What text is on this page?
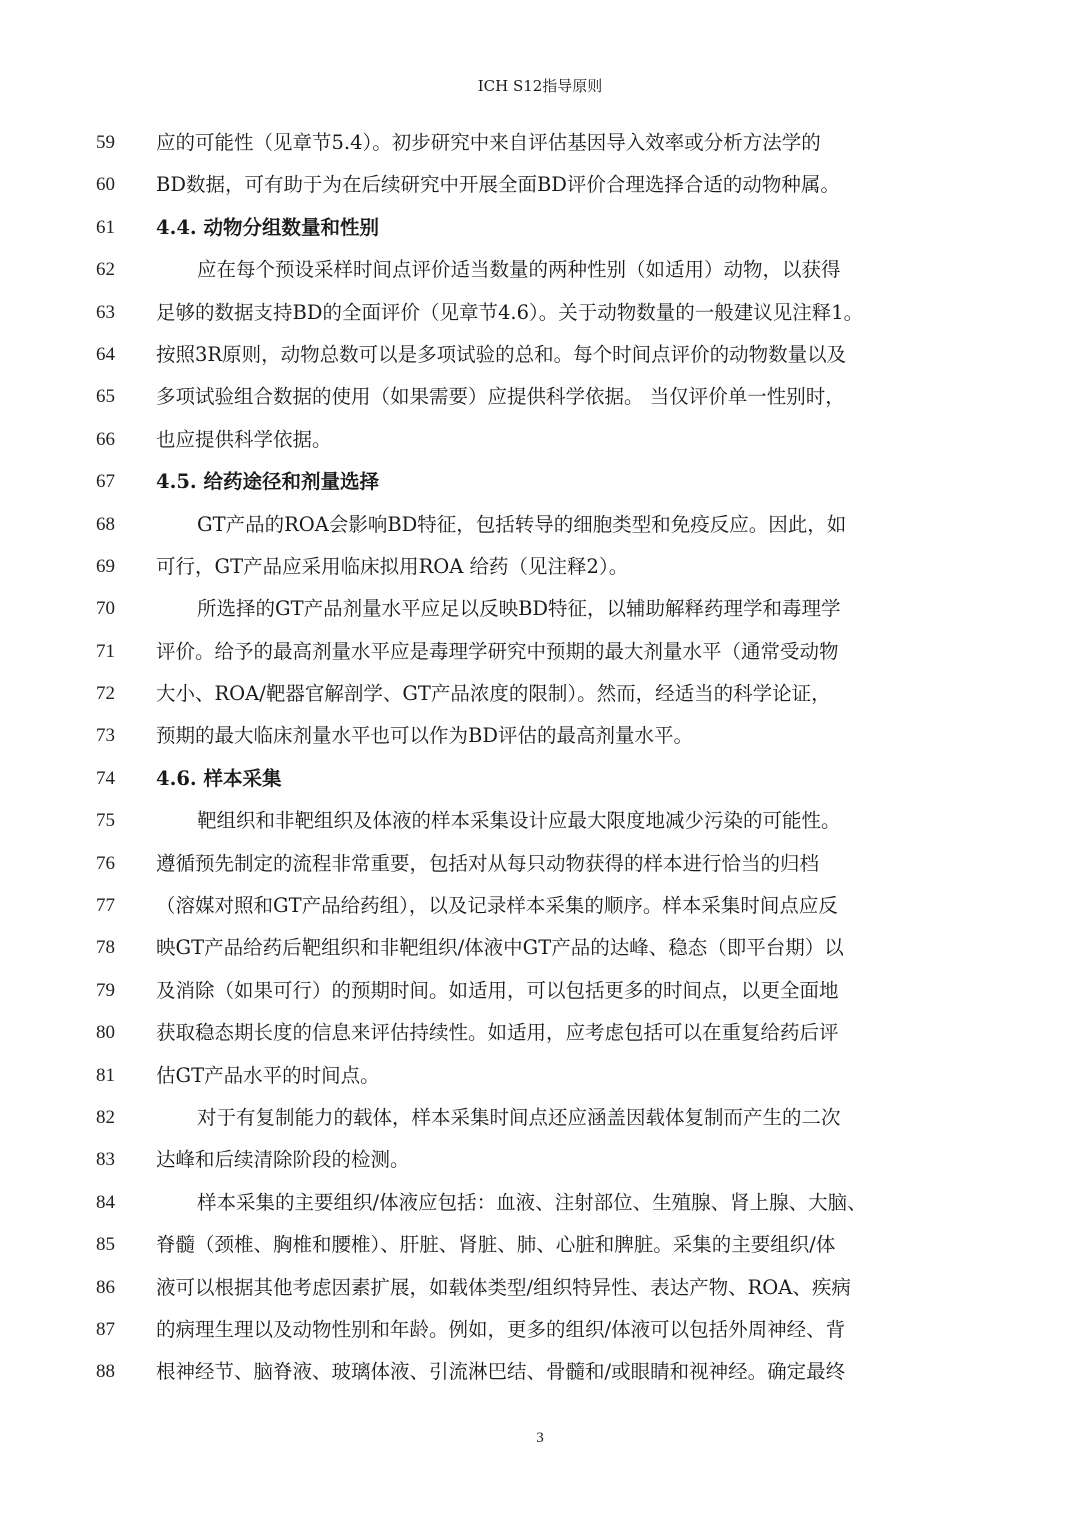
ICH S12指导原则
59	应的可能性（见章节5.4）。初步研究中来自评估基因导入效率或分析方法学的
60	BD数据，可有助于为在后续研究中开展全面BD评价合理选择合适的动物种属。
61	4.4. 动物分组数量和性别
62	应在每个预设采样时间点评价适当数量的两种性别（如适用）动物，以获得
63	足够的数据支持BD的全面评价（见章节4.6）。关于动物数量的一般建议见注释1。
64	按照3R原则，动物总数可以是多项试验的总和。每个时间点评价的动物数量以及
65	多项试验组合数据的使用（如果需要）应提供科学依据。 当仅评价单一性别时，
66	也应提供科学依据。
67	4.5. 给药途径和剂量选择
68	GT产品的ROA会影响BD特征，包括转导的细胞类型和免疫反应。因此，如
69	可行，GT产品应采用临床拟用ROA 给药（见注释2）。
70	所选择的GT产品剂量水平应足以反映BD特征，以辅助解释药理学和毒理学
71	评价。给予的最高剂量水平应是毒理学研究中预期的最大剂量水平（通常受动物
72	大小、ROA/靶器官解剖学、GT产品浓度的限制）。然而，经适当的科学论证，
73	预期的最大临床剂量水平也可以作为BD评估的最高剂量水平。
74	4.6. 样本采集
75	靶组织和非靶组织及体液的样本采集设计应最大限度地减少污染的可能性。
76	遵循预先制定的流程非常重要，包括对从每只动物获得的样本进行恰当的归档
77	（溶媒对照和GT产品给药组），以及记录样本采集的顺序。样本采集时间点应反
78	映GT产品给药后靶组织和非靶组织/体液中GT产品的达峰、稳态（即平台期）以
79	及消除（如果可行）的预期时间。如适用，可以包括更多的时间点，以更全面地
80	获取稳态期长度的信息来评估持续性。如适用，应考虑包括可以在重复给药后评
81	估GT产品水平的时间点。
82	对于有复制能力的载体，样本采集时间点还应涵盖因载体复制而产生的二次
83	达峰和后续清除阶段的检测。
84	样本采集的主要组织/体液应包括：血液、注射部位、生殖腺、肾上腺、大脑、
85	脊髓（颈椎、胸椎和腰椎）、肝脏、肾脏、肺、心脏和脾脏。采集的主要组织/体
86	液可以根据其他考虑因素扩展，如载体类型/组织特异性、表达产物、ROA、疾病
87	的病理生理以及动物性别和年龄。例如，更多的组织/体液可以包括外周神经、背
88	根神经节、脑脊液、玻璃体液、引流淋巴结、骨髓和/或眼睛和视神经。确定最终
3
